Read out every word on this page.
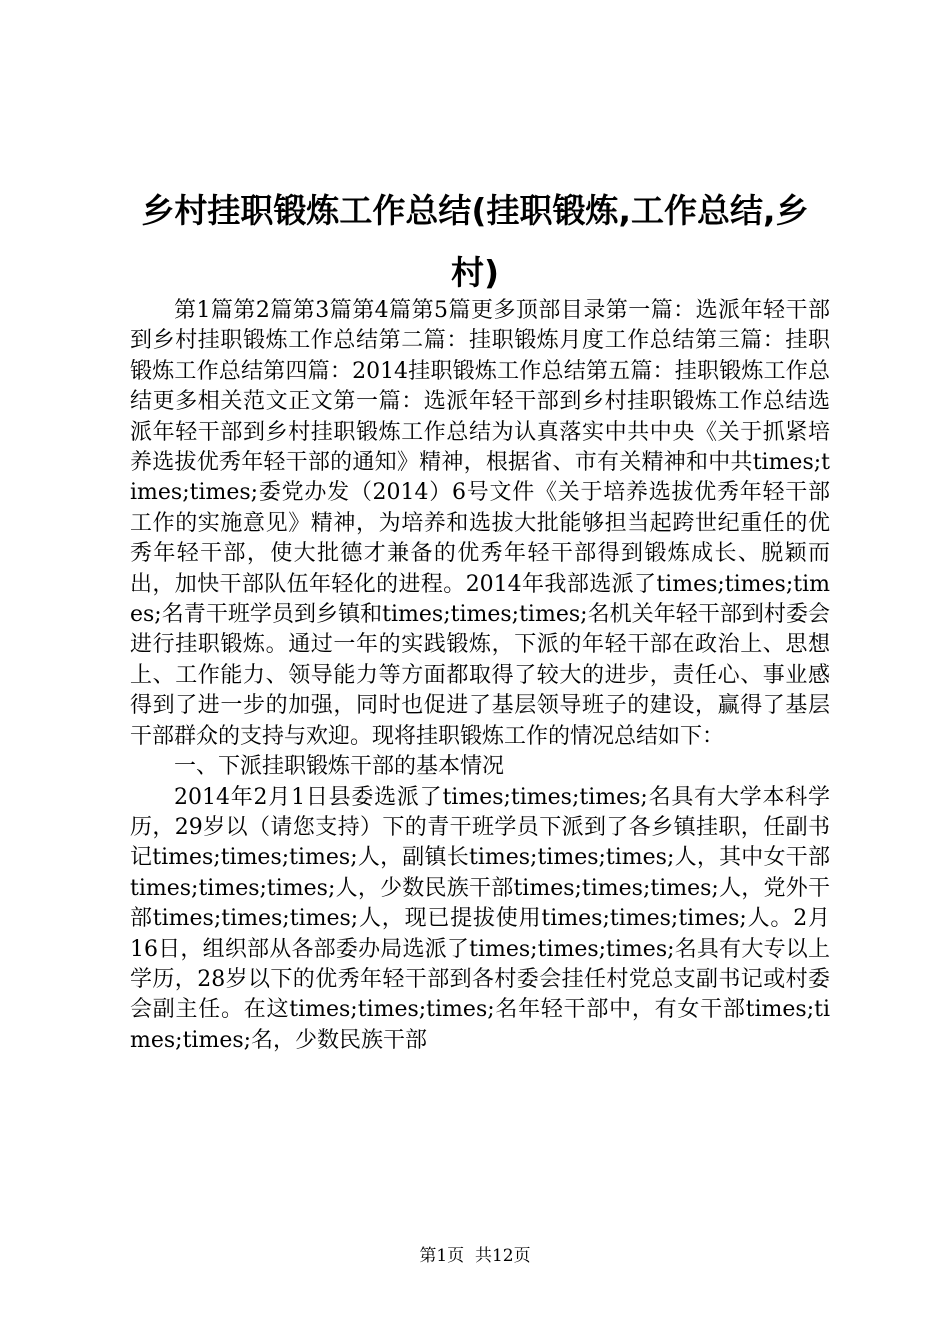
乡村挂职锻炼工作总结(挂职锻炼,工作总结,乡村)

第1篇第2篇第3篇第4篇第5篇更多顶部目录第一篇：选派年轻干部到乡村挂职锻炼工作总结第二篇：挂职锻炼月度工作总结第三篇：挂职锻炼工作总结第四篇：2014挂职锻炼工作总结第五篇：挂职锻炼工作总结更多相关范文正文第一篇：选派年轻干部到乡村挂职锻炼工作总结选派年轻干部到乡村挂职锻炼工作总结为认真落实中共中央《关于抓紧培养选拔优秀年轻干部的通知》精神，根据省、市有关精神和中共times;times;times;委党办发（2014）6号文件《关于培养选拔优秀年轻干部工作的实施意见》精神，为培养和选拔大批能够担当起跨世纪重任的优秀年轻干部，使大批德才兼备的优秀年轻干部得到锻炼成长、脱颖而出，加快干部队伍年轻化的进程。2014年我部选派了times;times;times;名青干班学员到乡镇和times;times;times;名机关年轻干部到村委会进行挂职锻炼。通过一年的实践锻炼，下派的年轻干部在政治上、思想上、工作能力、领导能力等方面都取得了较大的进步，责任心、事业感得到了进一步的加强，同时也促进了基层领导班子的建设，赢得了基层干部群众的支持与欢迎。现将挂职锻炼工作的情况总结如下：

一、下派挂职锻炼干部的基本情况

2014年2月1日县委选派了times;times;times;名具有大学本科学历，29岁以（请您支持）下的青干班学员下派到了各乡镇挂职，任副书记times;times;times;人，副镇长times;times;times;人，其中女干部times;times;times;人，少数民族干部times;times;times;人，党外干部times;times;times;人，现已提拔使用times;times;times;人。2月16日，组织部从各部委办局选派了times;times;times;名具有大专以上学历，28岁以下的优秀年轻干部到各村委会挂任村党总支副书记或村委会副主任。在这times;times;times;名年轻干部中，有女干部times;times;times;名，少数民族干部

第1页  共12页
